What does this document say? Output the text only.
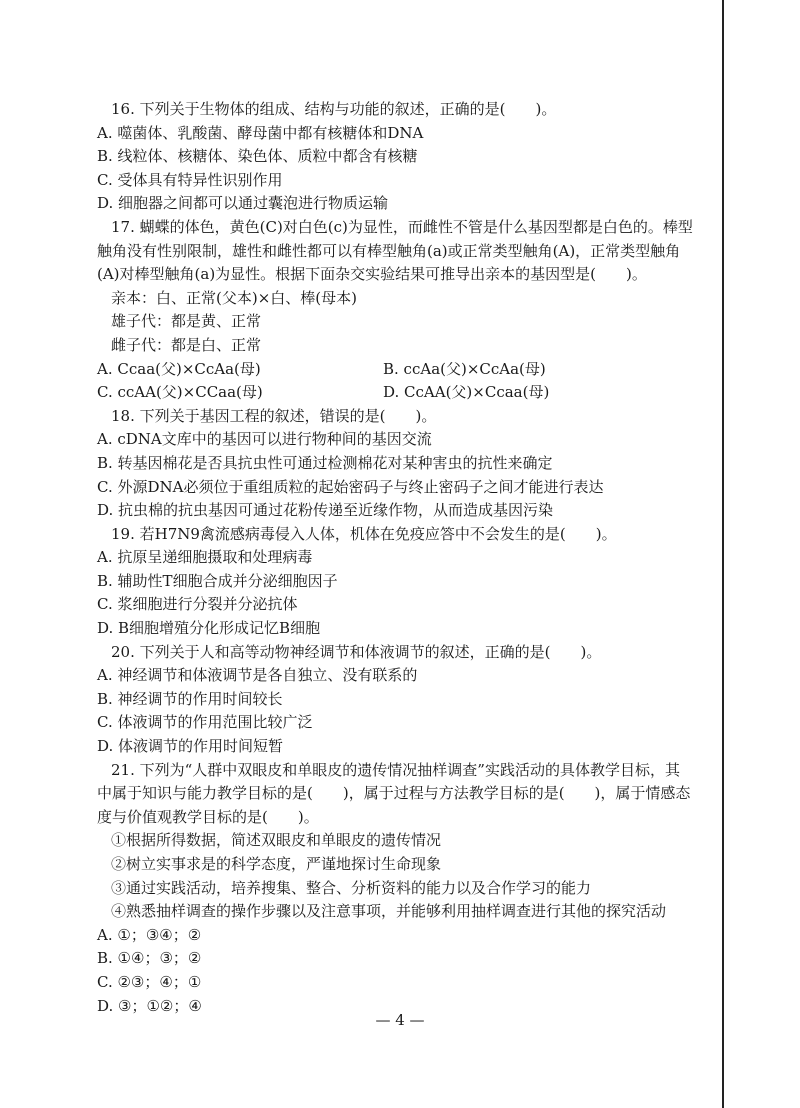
16. 下列关于生物体的组成、结构与功能的叙述，正确的是(　　)。
A. 噬菌体、乳酸菌、酵母菌中都有核糖体和DNA
B. 线粒体、核糖体、染色体、质粒中都含有核糖
C. 受体具有特异性识别作用
D. 细胞器之间都可以通过囊泡进行物质运输
17. 蝴蝶的体色，黄色(C)对白色(c)为显性，而雌性不管是什么基因型都是白色的。棒型
触角没有性别限制，雄性和雌性都可以有棒型触角(a)或正常类型触角(A)，正常类型触角
(A)对棒型触角(a)为显性。根据下面杂交实验结果可推导出亲本的基因型是(　　)。
亲本：白、正常(父本)×白、棒(母本)
雄子代：都是黄、正常
雌子代：都是白、正常
A. Ccaa(父)×CcAa(母)	B. ccAa(父)×CcAa(母)
C. ccAA(父)×CCaa(母)	D. CcAA(父)×Ccaa(母)
18. 下列关于基因工程的叙述，错误的是(　　)。
A. cDNA文库中的基因可以进行物种间的基因交流
B. 转基因棉花是否具抗虫性可通过检测棉花对某种害虫的抗性来确定
C. 外源DNA必须位于重组质粒的起始密码子与终止密码子之间才能进行表达
D. 抗虫棉的抗虫基因可通过花粉传递至近缘作物，从而造成基因污染
19. 若H7N9禽流感病毒侵入人体，机体在免疫应答中不会发生的是(　　)。
A. 抗原呈递细胞摄取和处理病毒
B. 辅助性T细胞合成并分泌细胞因子
C. 浆细胞进行分裂并分泌抗体
D. B细胞增殖分化形成记忆B细胞
20. 下列关于人和高等动物神经调节和体液调节的叙述，正确的是(　　)。
A. 神经调节和体液调节是各自独立、没有联系的
B. 神经调节的作用时间较长
C. 体液调节的作用范围比较广泛
D. 体液调节的作用时间短暂
21. 下列为“人群中双眼皮和单眼皮的遗传情况抽样调查”实践活动的具体教学目标，其
中属于知识与能力教学目标的是(　　)，属于过程与方法教学目标的是(　　)，属于情感态
度与价值观教学目标的是(　　)。
①根据所得数据，简述双眼皮和单眼皮的遗传情况
②树立实事求是的科学态度，严谨地探讨生命现象
③通过实践活动，培养搜集、整合、分析资料的能力以及合作学习的能力
④熟悉抽样调查的操作步骤以及注意事项，并能够利用抽样调查进行其他的探究活动
A. ①；③④；②
B. ①④；③；②
C. ②③；④；①
D. ③；①②；④
— 4 —
